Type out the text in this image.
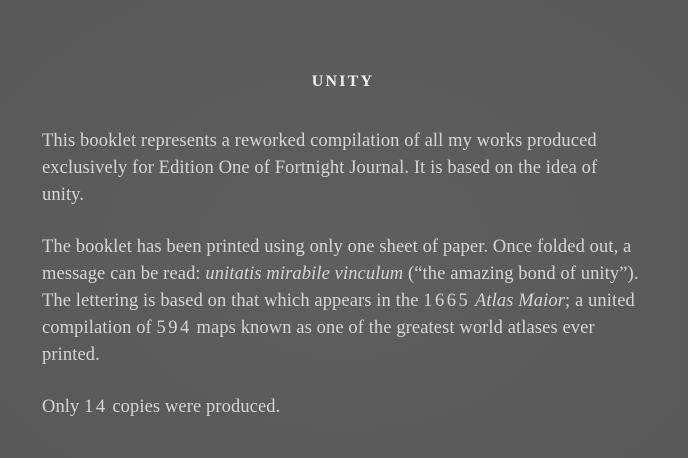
UNITY

This booklet represents a reworked compilation of all my works produced exclusively for Edition One of Fortnight Journal. It is based on the idea of unity.

The booklet has been printed using only one sheet of paper. Once folded out, a message can be read: unitatis mirabile vinculum (“the amazing bond of unity”). The lettering is based on that which appears in the 1665 Atlas Maior; a united compilation of 594 maps known as one of the greatest world atlases ever printed.

Only 14 copies were produced.
